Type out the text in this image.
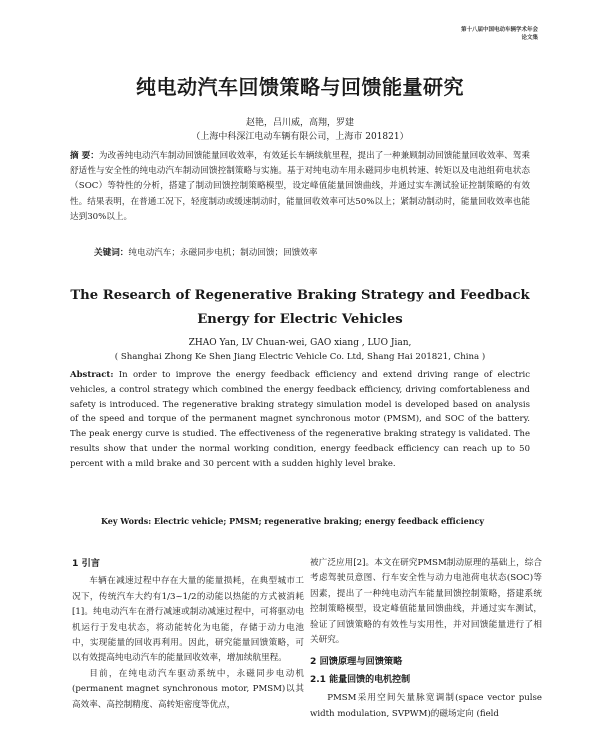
第十八届中国电动车辆学术年会
论文集
纯电动汽车回馈策略与回馈能量研究
赵艳，吕川威，高翔，罗建
（上海中科深江电动车辆有限公司，上海市 201821）
摘 要：为改善纯电动汽车制动回馈能量回收效率，有效延长车辆续航里程，提出了一种兼顾制动回馈能量回收效率、驾乘舒适性与安全性的纯电动汽车制动回馈控制策略与实施。基于对纯电动车用永磁同步电机转速、转矩以及电池组荷电状态（SOC）等特性的分析，搭建了制动回馈控制策略模型，设定峰值能量回馈曲线，并通过实车测试验证控制策略的有效性。结果表明，在普通工况下，轻度制动或缓速制动时，能量回收效率可达50%以上；紧制动制动时，能量回收效率也能达到30%以上。
关键词：纯电动汽车；永磁同步电机；制动回馈；回馈效率
The Research of Regenerative Braking Strategy and Feedback
Energy for Electric Vehicles
ZHAO Yan, LV Chuan-wei, GAO xiang , LUO Jian,
( Shanghai Zhong Ke Shen Jiang Electric Vehicle Co. Ltd, Shang Hai 201821, China )
Abstract: In order to improve the energy feedback efficiency and extend driving range of electric vehicles, a control strategy which combined the energy feedback efficiency, driving comfortableness and safety is introduced. The regenerative braking strategy simulation model is developed based on analysis of the speed and torque of the permanent magnet synchronous motor (PMSM), and SOC of the battery. The peak energy curve is studied. The effectiveness of the regenerative braking strategy is validated. The results show that under the normal working condition, energy feedback efficiency can reach up to 50 percent with a mild brake and 30 percent with a sudden highly level brake.
Key Words: Electric vehicle; PMSM; regenerative braking; energy feedback efficiency
1 引言

车辆在减速过程中存在大量的能量损耗，在典型城市工况下，传统汽车大约有1/3~1/2的动能以热能的方式被消耗[1]。纯电动汽车在滑行减速或制动减速过程中，可将驱动电机运行于发电状态，将动能转化为电能，存储于动力电池中，实现能量的回收再利用。因此，研究能量回馈策略，可以有效提高纯电动汽车的能量回收效率，增加续航里程。

目前，在纯电动汽车驱动系统中，永磁同步电动机(permanent magnet synchronous motor, PMSM)以其高效率、高控制精度、高转矩密度等优点，

被广泛应用[2]。本文在研究PMSM制动原理的基础上，综合考虑驾驶员意图、行车安全性与动力电池荷电状态(SOC)等因素，提出了一种纯电动汽车能量回馈控制策略，搭建系统控制策略模型，设定峰值能量回馈曲线，并通过实车测试，验证了回馈策略的有效性与实用性，并对回馈能量进行了相关研究。

2 回馈原理与回馈策略
2.1 能量回馈的电机控制

PMSM采用空间矢量脉宽调制(space vector pulse width modulation, SVPWM)的磁场定向 (field
